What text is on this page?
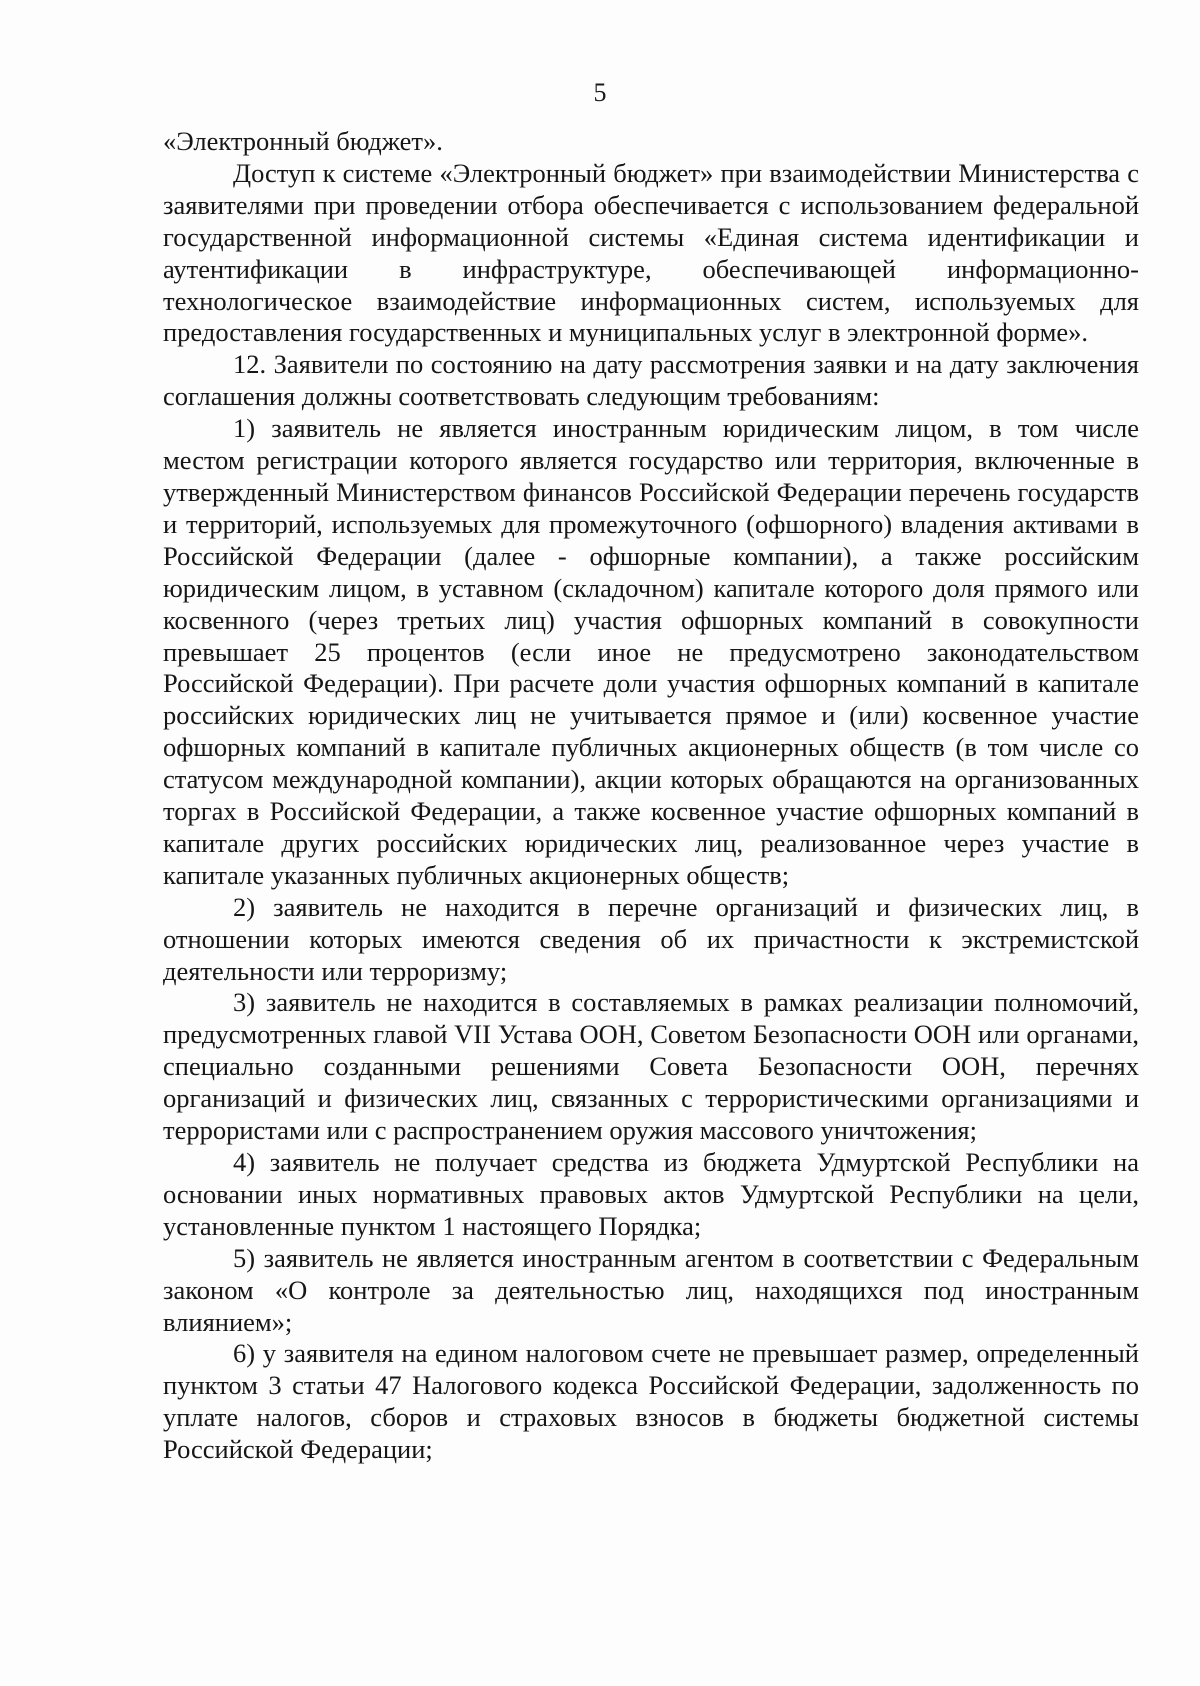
5

«Электронный бюджет».

Доступ к системе «Электронный бюджет» при взаимодействии Министерства с заявителями при проведении отбора обеспечивается с использованием федеральной государственной информационной системы «Единая система идентификации и аутентификации в инфраструктуре, обеспечивающей информационно-технологическое взаимодействие информационных систем, используемых для предоставления государственных и муниципальных услуг в электронной форме».

12. Заявители по состоянию на дату рассмотрения заявки и на дату заключения соглашения должны соответствовать следующим требованиям:

1) заявитель не является иностранным юридическим лицом, в том числе местом регистрации которого является государство или территория, включенные в утвержденный Министерством финансов Российской Федерации перечень государств и территорий, используемых для промежуточного (офшорного) владения активами в Российской Федерации (далее - офшорные компании), а также российским юридическим лицом, в уставном (складочном) капитале которого доля прямого или косвенного (через третьих лиц) участия офшорных компаний в совокупности превышает 25 процентов (если иное не предусмотрено законодательством Российской Федерации). При расчете доли участия офшорных компаний в капитале российских юридических лиц не учитывается прямое и (или) косвенное участие офшорных компаний в капитале публичных акционерных обществ (в том числе со статусом международной компании), акции которых обращаются на организованных торгах в Российской Федерации, а также косвенное участие офшорных компаний в капитале других российских юридических лиц, реализованное через участие в капитале указанных публичных акционерных обществ;

2) заявитель не находится в перечне организаций и физических лиц, в отношении которых имеются сведения об их причастности к экстремистской деятельности или терроризму;

3) заявитель не находится в составляемых в рамках реализации полномочий, предусмотренных главой VII Устава ООН, Советом Безопасности ООН или органами, специально созданными решениями Совета Безопасности ООН, перечнях организаций и физических лиц, связанных с террористическими организациями и террористами или с распространением оружия массового уничтожения;

4) заявитель не получает средства из бюджета Удмуртской Республики на основании иных нормативных правовых актов Удмуртской Республики на цели, установленные пунктом 1 настоящего Порядка;

5) заявитель не является иностранным агентом в соответствии с Федеральным законом «О контроле за деятельностью лиц, находящихся под иностранным влиянием»;

6) у заявителя на едином налоговом счете не превышает размер, определенный пунктом 3 статьи 47 Налогового кодекса Российской Федерации, задолженность по уплате налогов, сборов и страховых взносов в бюджеты бюджетной системы Российской Федерации;
